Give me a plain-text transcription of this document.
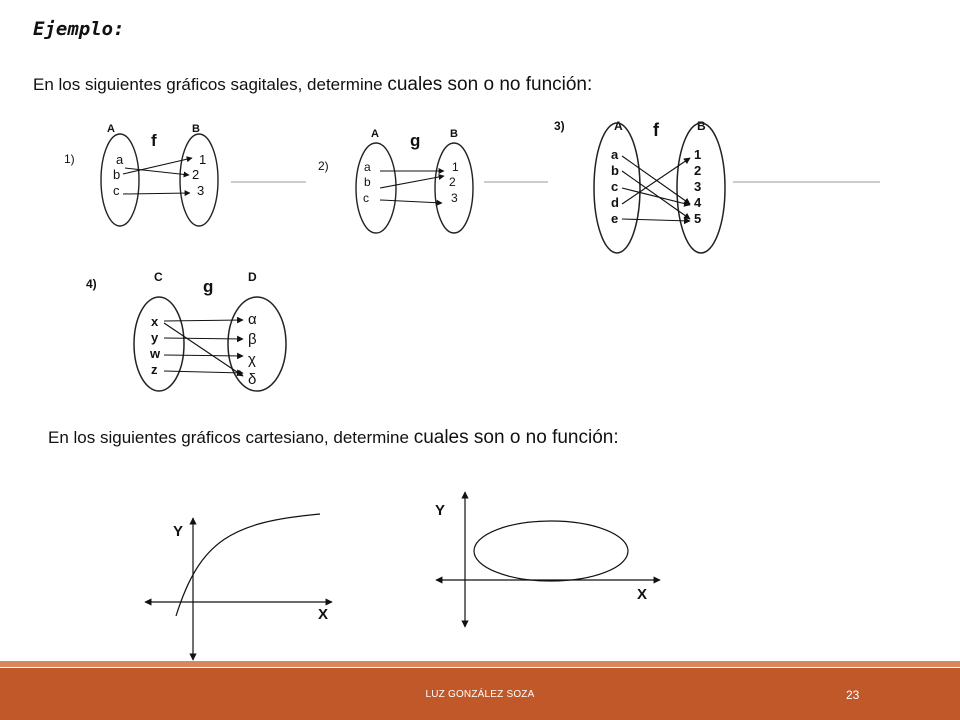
Ejemplo:
En los siguientes gráficos sagitales, determine cuales son o no función:
En los siguientes gráficos cartesiano, determine cuales son o no función:
1)
A	B
f
a
b
c
1
2
3
2)
A	B
g
a
b
c
1
2
3
3)	A	B
f
a
b
c
d
e
1
2
3
4
5
4)	C	D
g
x
y
w
z
α
β
χ
δ
Y
X
Y
X
LUZ GONZÁLEZ SOZA	23
